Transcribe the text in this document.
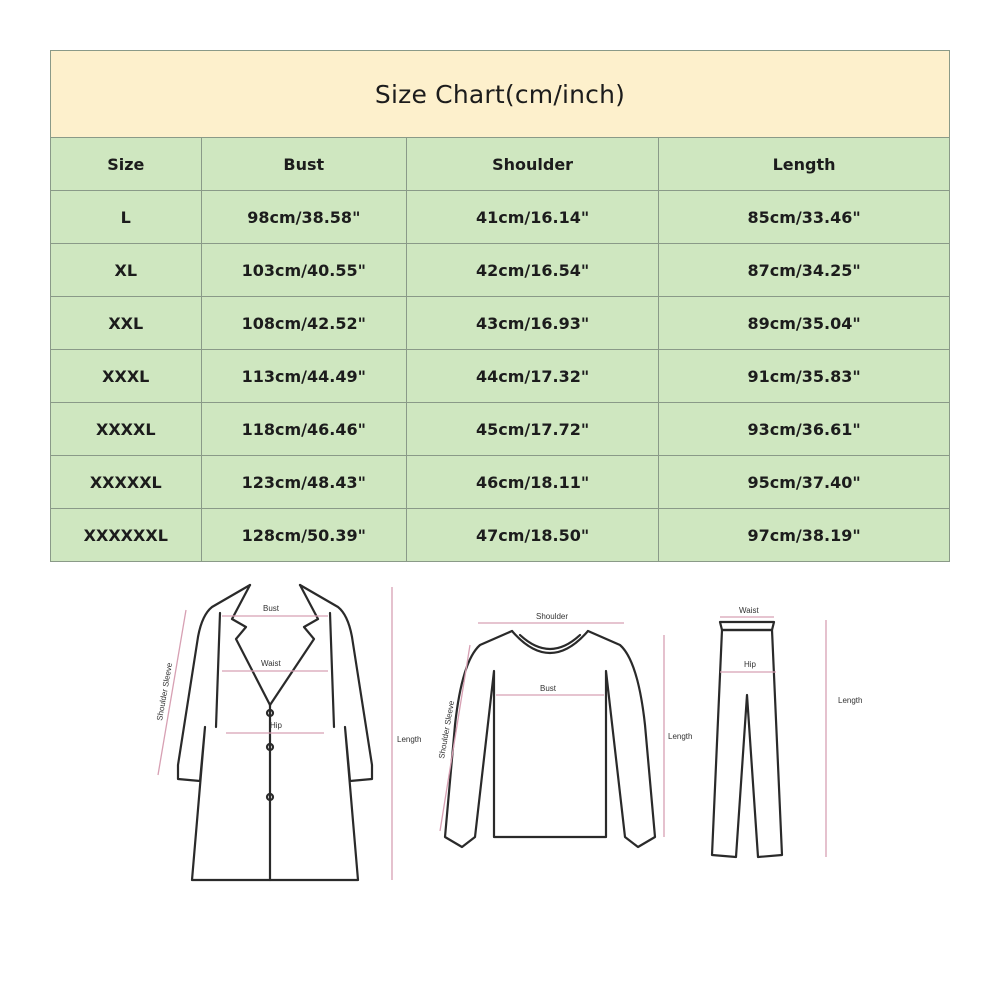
Size Chart(cm/inch)			
Size	Bust	Shoulder	Length
L	98cm/38.58"	41cm/16.14"	85cm/33.46"
XL	103cm/40.55"	42cm/16.54"	87cm/34.25"
XXL	108cm/42.52"	43cm/16.93"	89cm/35.04"
XXXL	113cm/44.49"	44cm/17.32"	91cm/35.83"
XXXXL	118cm/46.46"	45cm/17.72"	93cm/36.61"
XXXXXL	123cm/48.43"	46cm/18.11"	95cm/37.40"
XXXXXXL	128cm/50.39"	47cm/18.50"	97cm/38.19"
Bust
Waist
Hip
Shoulder Sleeve
Length
Shoulder
Bust
Shoulder Sleeve	Length
Waist
Hip
Length
